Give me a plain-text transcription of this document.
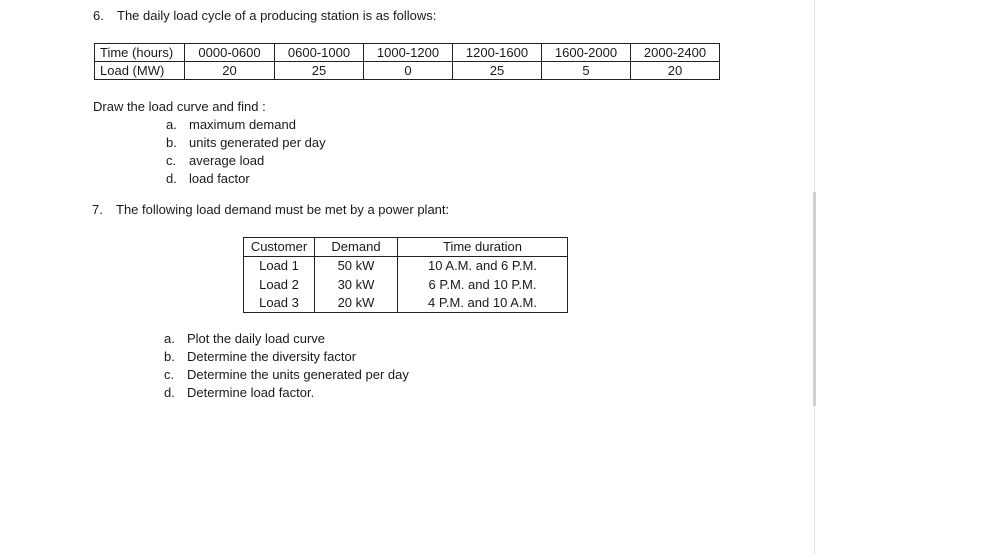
6. The daily load cycle of a producing station is as follows:
Time (hours)	0000-0600	0600-1000	1000-1200	1200-1600	1600-2000	2000-2400
Load (MW)	20	25	0	25	5	20
Draw the load curve and find :
a. maximum demand
b. units generated per day
c. average load
d. load factor
7. The following load demand must be met by a power plant:
Customer	Demand	Time duration
Load 1	50 kW	10 A.M. and 6 P.M.
Load 2	30 kW	6 P.M. and 10 P.M.
Load 3	20 kW	4 P.M. and 10 A.M.
a. Plot the daily load curve
b. Determine the diversity factor
c. Determine the units generated per day
d. Determine load factor.
